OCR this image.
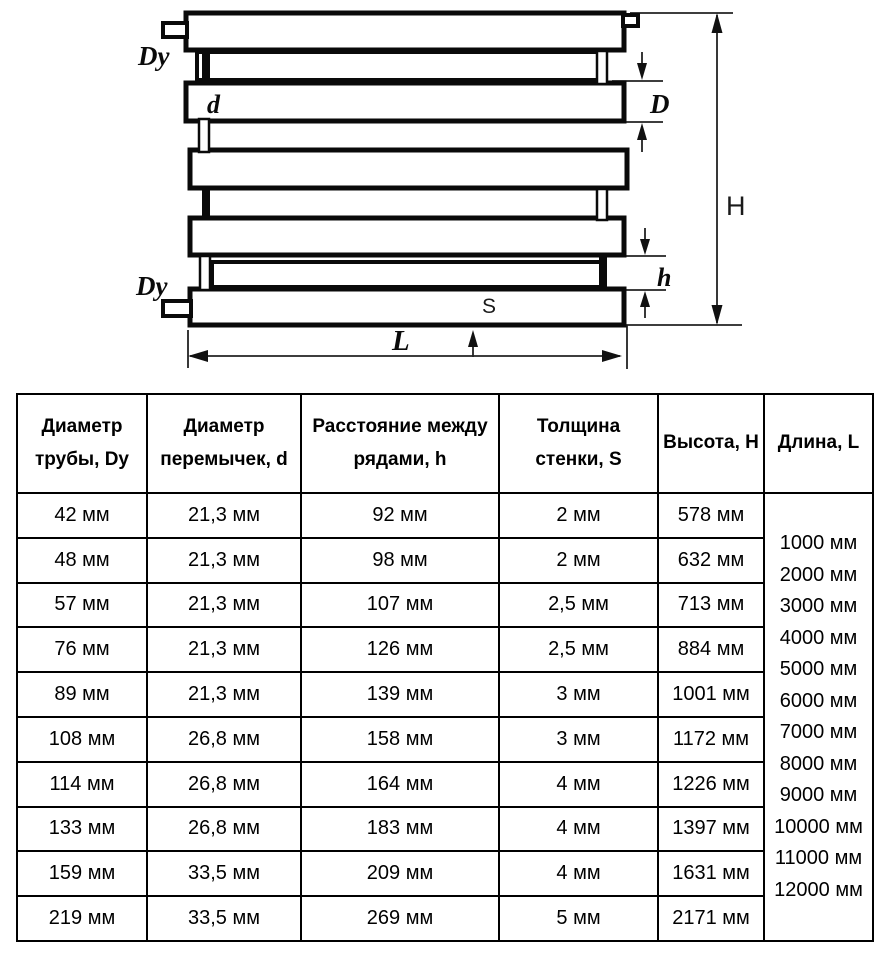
Dy
d	D
H
h
Dy
S
L
Диаметр трубы, Dy	Диаметр перемычек, d	Расстояние между рядами, h	Толщина стенки, S	Высота, H	Длина, L
42 мм	21,3 мм	92 мм	2 мм	578 мм	
1000 мм
2000 мм
3000 мм
4000 мм
5000 мм
6000 мм
7000 мм
8000 мм
9000 мм
10000 мм
11000 мм
12000 мм

48 мм	21,3 мм	98 мм	2 мм	632 мм	
57 мм	21,3 мм	107 мм	2,5 мм	713 мм	
76 мм	21,3 мм	126 мм	2,5 мм	884 мм	
89 мм	21,3 мм	139 мм	3 мм	1001 мм	
108 мм	26,8 мм	158 мм	3 мм	1172 мм	
114 мм	26,8 мм	164 мм	4 мм	1226 мм	
133 мм	26,8 мм	183 мм	4 мм	1397 мм	
159 мм	33,5 мм	209 мм	4 мм	1631 мм	
219 мм	33,5 мм	269 мм	5 мм	2171 мм	
